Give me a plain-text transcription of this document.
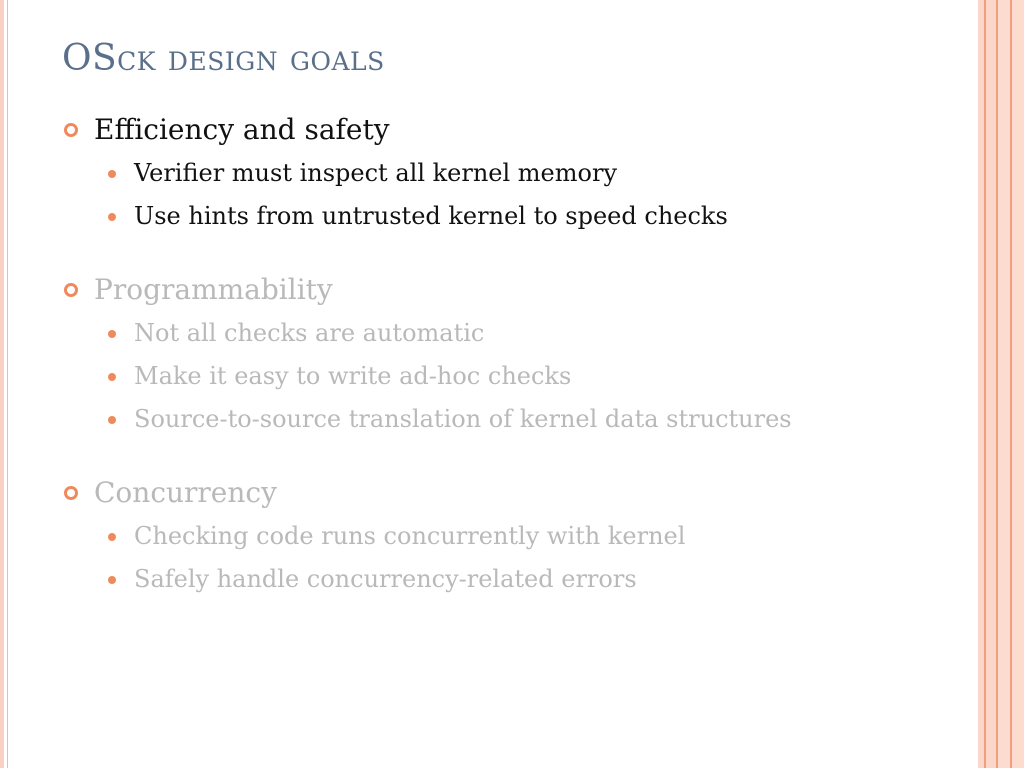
OSck design goals
Efficiency and safety
Verifier must inspect all kernel memory
Use hints from untrusted kernel to speed checks
Programmability
Not all checks are automatic
Make it easy to write ad-hoc checks
Source-to-source translation of kernel data structures
Concurrency
Checking code runs concurrently with kernel
Safely handle concurrency-related errors
